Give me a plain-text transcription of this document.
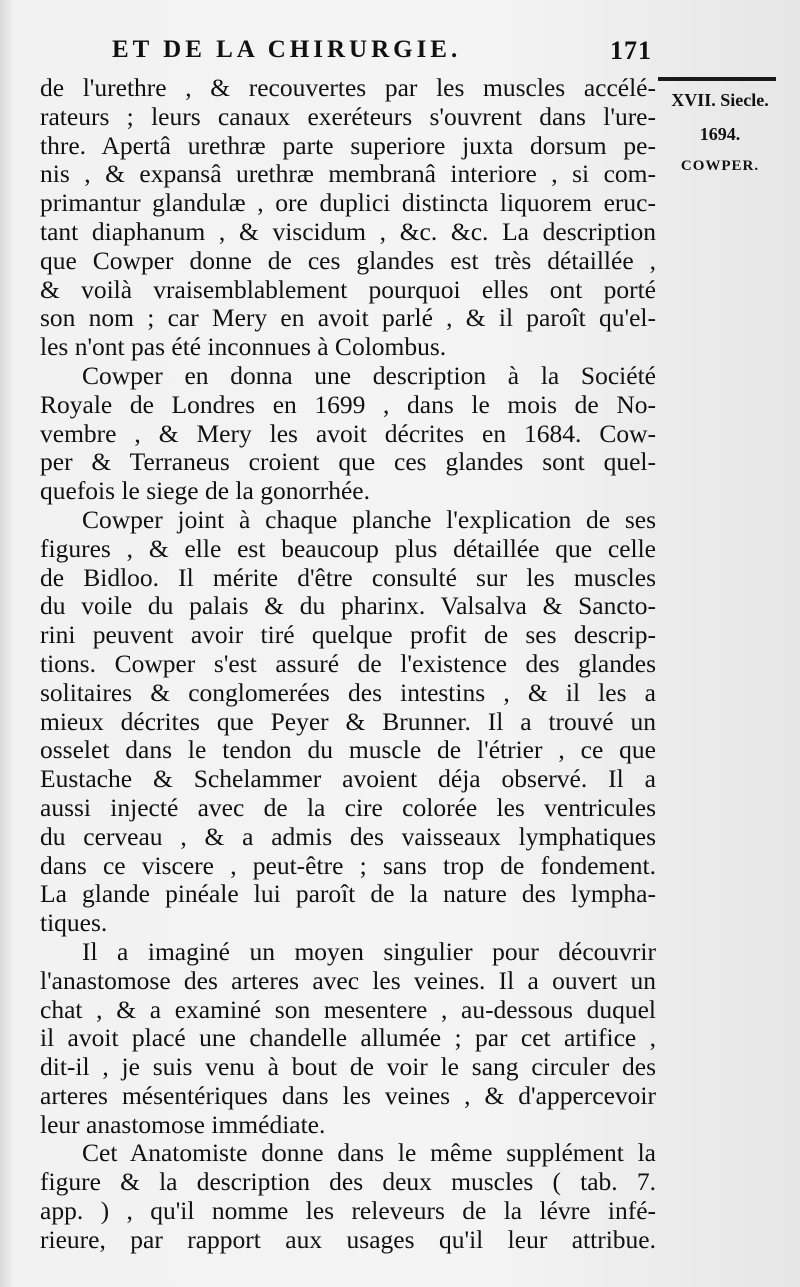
ET DE LA CHIRURGIE.	171
XVII. Siecle.
1694.
COWPER.
de l'urethre , & recouvertes par les muscles accélé-
rateurs ; leurs canaux exeréteurs s'ouvrent dans l'ure-
thre. Apertâ urethræ parte superiore juxta dorsum pe-
nis , & expansâ urethræ membranâ interiore , si com-
primantur glandulæ , ore duplici distincta liquorem eruc-
tant diaphanum , & viscidum , &c. &c. La description
que Cowper donne de ces glandes est très détaillée ,
& voilà vraisemblablement pourquoi elles ont porté
son nom ; car Mery en avoit parlé , & il paroît qu'el-
les n'ont pas été inconnues à Colombus.
Cowper en donna une description à la Société
Royale de Londres en 1699 , dans le mois de No-
vembre , & Mery les avoit décrites en 1684. Cow-
per & Terraneus croient que ces glandes sont quel-
quefois le siege de la gonorrhée.
Cowper joint à chaque planche l'explication de ses
figures , & elle est beaucoup plus détaillée que celle
de Bidloo. Il mérite d'être consulté sur les muscles
du voile du palais & du pharinx. Valsalva & Sancto-
rini peuvent avoir tiré quelque profit de ses descrip-
tions. Cowper s'est assuré de l'existence des glandes
solitaires & conglomerées des intestins , & il les a
mieux décrites que Peyer & Brunner. Il a trouvé un
osselet dans le tendon du muscle de l'étrier , ce que
Eustache & Schelammer avoient déja observé. Il a
aussi injecté avec de la cire colorée les ventricules
du cerveau , & a admis des vaisseaux lymphatiques
dans ce viscere , peut-être ; sans trop de fondement.
La glande pinéale lui paroît de la nature des lympha-
tiques.
Il a imaginé un moyen singulier pour découvrir
l'anastomose des arteres avec les veines. Il a ouvert un
chat , & a examiné son mesentere , au-dessous duquel
il avoit placé une chandelle allumée ; par cet artifice ,
dit-il , je suis venu à bout de voir le sang circuler des
arteres mésentériques dans les veines , & d'appercevoir
leur anastomose immédiate.
Cet Anatomiste donne dans le même supplément la
figure & la description des deux muscles ( tab. 7.
app. ) , qu'il nomme les releveurs de la lévre infé-
rieure, par rapport aux usages qu'il leur attribue.
